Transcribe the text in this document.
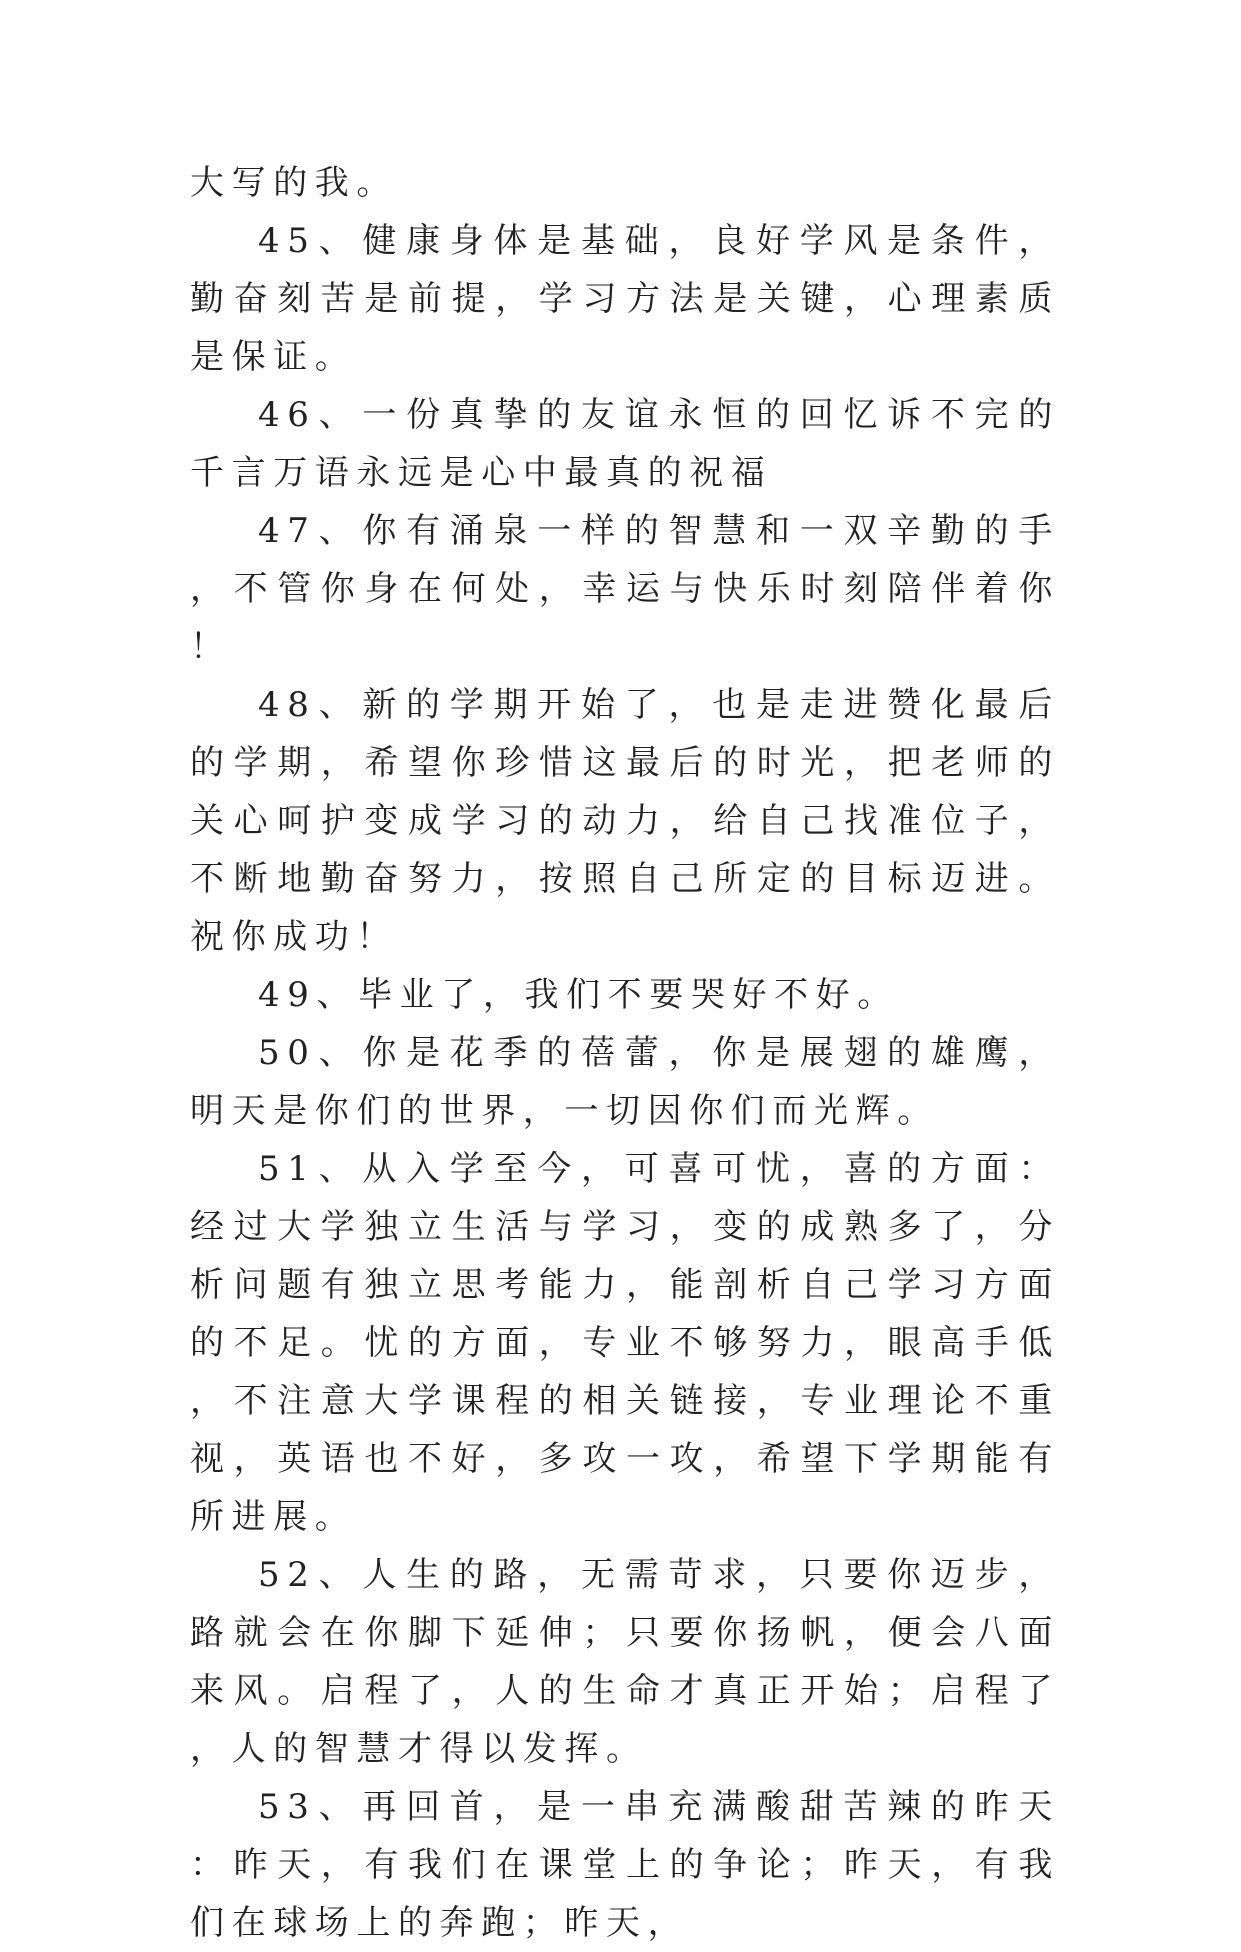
大写的我。

45、健康身体是基础，良好学风是条件，勤奋刻苦是前提，学习方法是关键，心理素质是保证。

46、一份真挚的友谊永恒的回忆诉不完的千言万语永远是心中最真的祝福

47、你有涌泉一样的智慧和一双辛勤的手，不管你身在何处，幸运与快乐时刻陪伴着你！

48、新的学期开始了，也是走进赞化最后的学期，希望你珍惜这最后的时光，把老师的关心呵护变成学习的动力，给自己找准位子，不断地勤奋努力，按照自己所定的目标迈进。祝你成功！

49、毕业了，我们不要哭好不好。

50、你是花季的蓓蕾，你是展翅的雄鹰，明天是你们的世界，一切因你们而光辉。

51、从入学至今，可喜可忧，喜的方面：经过大学独立生活与学习，变的成熟多了，分析问题有独立思考能力，能剖析自己学习方面的不足。忧的方面，专业不够努力，眼高手低，不注意大学课程的相关链接，专业理论不重视，英语也不好，多攻一攻，希望下学期能有所进展。

52、人生的路，无需苛求，只要你迈步，路就会在你脚下延伸；只要你扬帆，便会八面来风。启程了，人的生命才真正开始；启程了，人的智慧才得以发挥。

53、再回首，是一串充满酸甜苦辣的昨天：昨天，有我们在课堂上的争论；昨天，有我们在球场上的奔跑；昨天，
